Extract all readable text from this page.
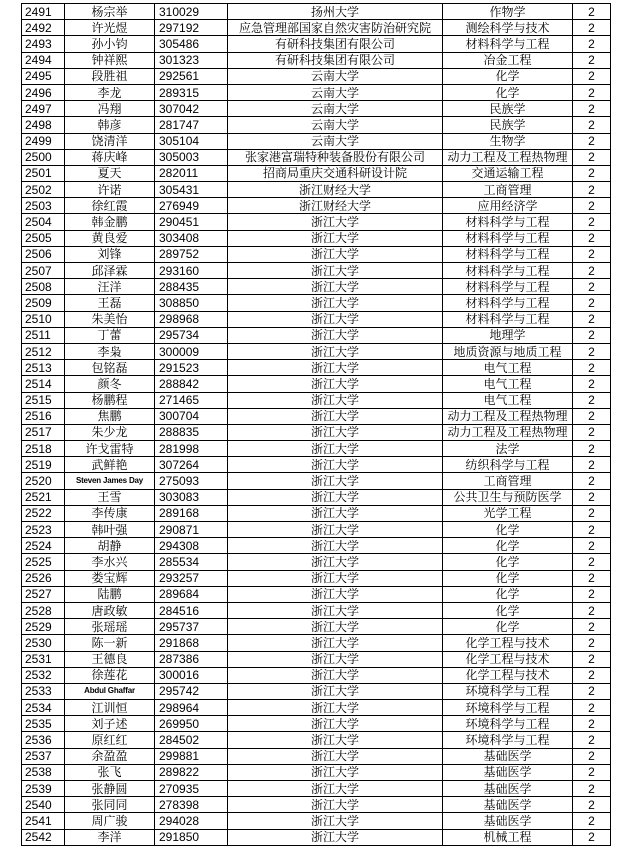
2491	杨宗举	310029	扬州大学	作物学	2
2492	许光煜	297192	应急管理部国家自然灾害防治研究院	测绘科学与技术	2
2493	孙小钧	305486	有研科技集团有限公司	材料科学与工程	2
2494	钟祥熙	301323	有研科技集团有限公司	冶金工程	2
2495	段胜祖	292561	云南大学	化学	2
2496	李龙	289315	云南大学	化学	2
2497	冯翔	307042	云南大学	民族学	2
2498	韩彦	281747	云南大学	民族学	2
2499	饶清洋	305104	云南大学	生物学	2
2500	蒋庆峰	305003	张家港富瑞特种装备股份有限公司	动力工程及工程热物理	2
2501	夏天	282011	招商局重庆交通科研设计院	交通运输工程	2
2502	许诺	305431	浙江财经大学	工商管理	2
2503	徐红霞	276949	浙江财经大学	应用经济学	2
2504	韩金鹏	290451	浙江大学	材料科学与工程	2
2505	黄良爱	303408	浙江大学	材料科学与工程	2
2506	刘锋	289752	浙江大学	材料科学与工程	2
2507	邱泽霖	293160	浙江大学	材料科学与工程	2
2508	汪洋	288435	浙江大学	材料科学与工程	2
2509	王磊	308850	浙江大学	材料科学与工程	2
2510	朱美怡	298968	浙江大学	材料科学与工程	2
2511	丁蕾	295734	浙江大学	地理学	2
2512	李枭	300009	浙江大学	地质资源与地质工程	2
2513	包铭磊	291523	浙江大学	电气工程	2
2514	颜冬	288842	浙江大学	电气工程	2
2515	杨鹏程	271465	浙江大学	电气工程	2
2516	焦鹏	300704	浙江大学	动力工程及工程热物理	2
2517	朱少龙	288835	浙江大学	动力工程及工程热物理	2
2518	许戈雷特	281998	浙江大学	法学	2
2519	武鲜艳	307264	浙江大学	纺织科学与工程	2
2520	Steven James Day	275093	浙江大学	工商管理	2
2521	王雪	303083	浙江大学	公共卫生与预防医学	2
2522	李传康	289168	浙江大学	光学工程	2
2523	韩叶强	290871	浙江大学	化学	2
2524	胡静	294308	浙江大学	化学	2
2525	李水兴	285534	浙江大学	化学	2
2526	娄宝辉	293257	浙江大学	化学	2
2527	陆鹏	289684	浙江大学	化学	2
2528	唐政敏	284516	浙江大学	化学	2
2529	张瑶瑶	295737	浙江大学	化学	2
2530	陈一新	291868	浙江大学	化学工程与技术	2
2531	王德良	287386	浙江大学	化学工程与技术	2
2532	徐莲花	300016	浙江大学	化学工程与技术	2
2533	Abdul Ghaffar	295742	浙江大学	环境科学与工程	2
2534	江训恒	298964	浙江大学	环境科学与工程	2
2535	刘子述	269950	浙江大学	环境科学与工程	2
2536	原红红	284502	浙江大学	环境科学与工程	2
2537	余盈盈	299881	浙江大学	基础医学	2
2538	张飞	289822	浙江大学	基础医学	2
2539	张静圆	270935	浙江大学	基础医学	2
2540	张同同	278398	浙江大学	基础医学	2
2541	周广骏	294028	浙江大学	基础医学	2
2542	李洋	291850	浙江大学	机械工程	2
